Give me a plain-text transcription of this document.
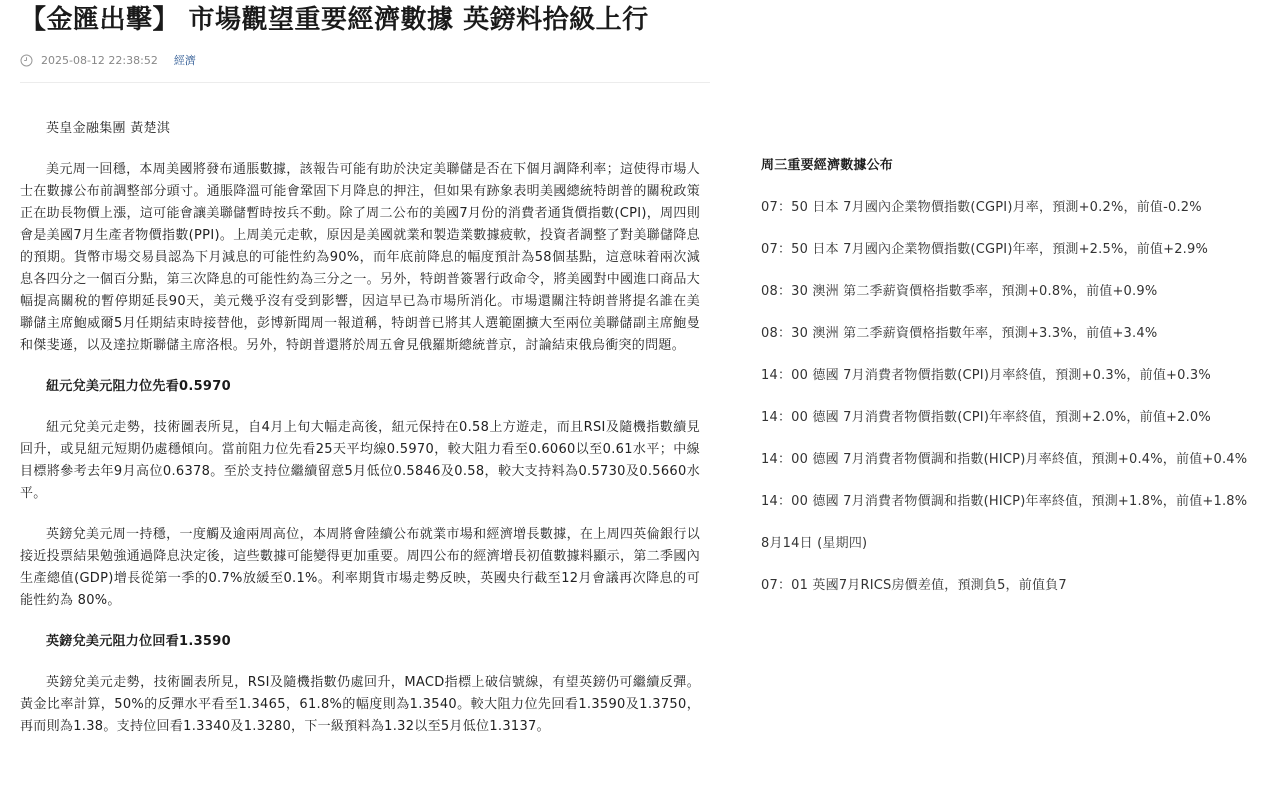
【金匯出擊】 市場觀望重要經濟數據 英鎊料拾級上行
2025-08-12 22:38:52 經濟

英皇金融集團 黃楚淇

美元周一回穩，本周美國將發布通脹數據，該報告可能有助於決定美聯儲是否在下個月調降利率；這使得市場人士在數據公布前調整部分頭寸。通脹降溫可能會鞏固下月降息的押注，但如果有跡象表明美國總統特朗普的關稅政策正在助長物價上漲，這可能會讓美聯儲暫時按兵不動。除了周二公布的美國7月份的消費者通貨價指數(CPI)，周四則會是美國7月生產者物價指數(PPI)。上周美元走軟，原因是美國就業和製造業數據疲軟，投資者調整了對美聯儲降息的預期。貨幣市場交易員認為下月減息的可能性約為90%，而年底前降息的幅度預計為58個基點，這意味着兩次減息各四分之一個百分點，第三次降息的可能性約為三分之一。另外，特朗普簽署行政命令，將美國對中國進口商品大幅提高關稅的暫停期延長90天，美元幾乎沒有受到影響，因這早已為市場所消化。市場還關注特朗普將提名誰在美聯儲主席鮑威爾5月任期結束時接替他，彭博新聞周一報道稱，特朗普已將其人選範圍擴大至兩位美聯儲副主席鮑曼和傑斐遜，以及達拉斯聯儲主席洛根。另外，特朗普還將於周五會見俄羅斯總統普京，討論結束俄烏衝突的問題。

紐元兌美元阻力位先看0.5970

紐元兌美元走勢，技術圖表所見，自4月上旬大幅走高後，紐元保持在0.58上方遊走，而且RSI及隨機指數續見回升，或見紐元短期仍處穩傾向。當前阻力位先看25天平均線0.5970，較大阻力看至0.6060以至0.61水平；中線目標將參考去年9月高位0.6378。至於支持位繼續留意5月低位0.5846及0.58，較大支持料為0.5730及0.5660水平。

英鎊兌美元周一持穩，一度觸及逾兩周高位，本周將會陸續公布就業市場和經濟增長數據，在上周四英倫銀行以接近投票結果勉強通過降息決定後，這些數據可能變得更加重要。周四公布的經濟增長初值數據料顯示，第二季國內生產總值(GDP)增長從第一季的0.7%放緩至0.1%。利率期貨市場走勢反映，英國央行截至12月會議再次降息的可能性約為 80%。

英鎊兌美元阻力位回看1.3590

英鎊兌美元走勢，技術圖表所見，RSI及隨機指數仍處回升，MACD指標上破信號線，有望英鎊仍可繼續反彈。黃金比率計算，50%的反彈水平看至1.3465，61.8%的幅度則為1.3540。較大阻力位先回看1.3590及1.3750，再而則為1.38。支持位回看1.3340及1.3280，下一級預料為1.32以至5月低位1.3137。

周三重要經濟數據公布
07：50 日本 7月國內企業物價指數(CGPI)月率，預測+0.2%，前值-0.2%
07：50 日本 7月國內企業物價指數(CGPI)年率，預測+2.5%，前值+2.9%
08：30 澳洲 第二季薪資價格指數季率，預測+0.8%，前值+0.9%
08：30 澳洲 第二季薪資價格指數年率，預測+3.3%，前值+3.4%
14：00 德國 7月消費者物價指數(CPI)月率終值，預測+0.3%，前值+0.3%
14：00 德國 7月消費者物價指數(CPI)年率終值，預測+2.0%，前值+2.0%
14：00 德國 7月消費者物價調和指數(HICP)月率終值，預測+0.4%，前值+0.4%
14：00 德國 7月消費者物價調和指數(HICP)年率終值，預測+1.8%，前值+1.8%
8月14日 (星期四)
07：01 英國7月RICS房價差值，預測負5，前值負7
